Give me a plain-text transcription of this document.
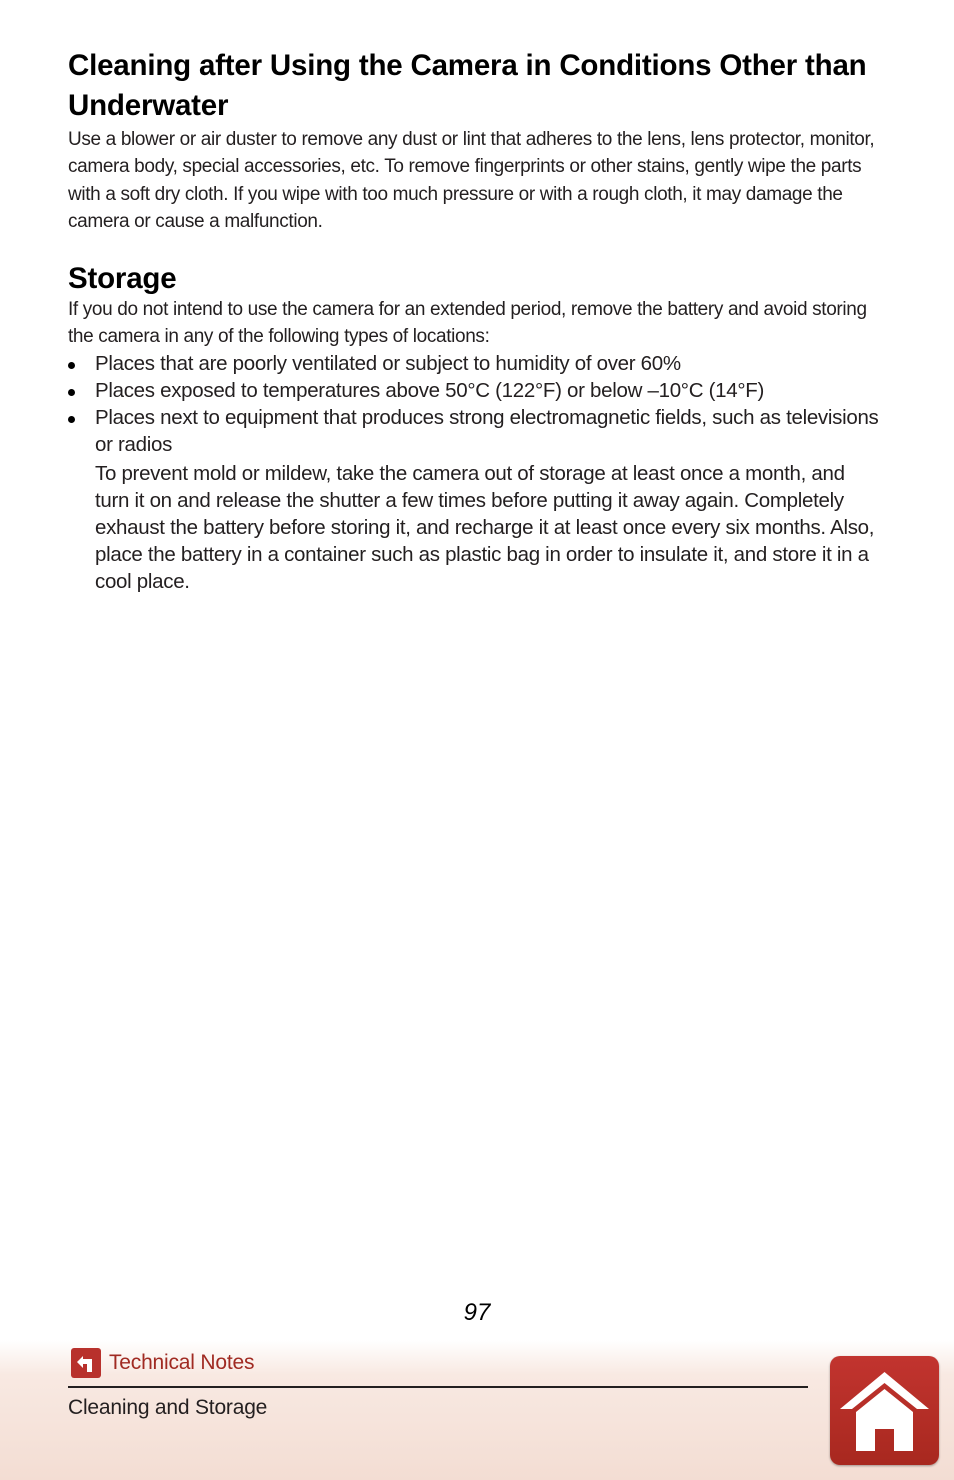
Cleaning after Using the Camera in Conditions Other than Underwater

Use a blower or air duster to remove any dust or lint that adheres to the lens, lens protector, monitor, camera body, special accessories, etc. To remove fingerprints or other stains, gently wipe the parts with a soft dry cloth. If you wipe with too much pressure or with a rough cloth, it may damage the camera or cause a malfunction.

Storage

If you do not intend to use the camera for an extended period, remove the battery and avoid storing the camera in any of the following types of locations:

Places that are poorly ventilated or subject to humidity of over 60%
Places exposed to temperatures above 50°C (122°F) or below –10°C (14°F)
Places next to equipment that produces strong electromagnetic fields, such as televisions or radios

To prevent mold or mildew, take the camera out of storage at least once a month, and turn it on and release the shutter a few times before putting it away again. Completely exhaust the battery before storing it, and recharge it at least once every six months. Also, place the battery in a container such as plastic bag in order to insulate it, and store it in a cool place.

97
Technical Notes
Cleaning and Storage
